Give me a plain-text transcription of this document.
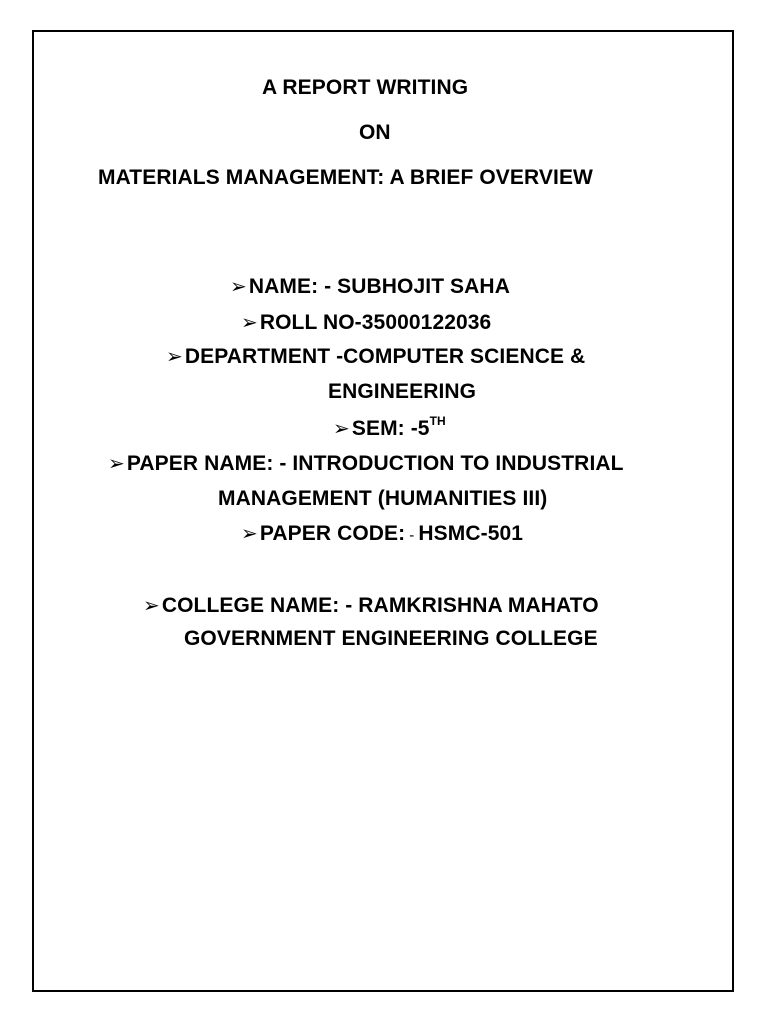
A REPORT WRITING
ON
MATERIALS MANAGEMENT: A BRIEF OVERVIEW
➢NAME: - SUBHOJIT SAHA
➢ROLL NO-35000122036
➢DEPARTMENT -COMPUTER SCIENCE &
ENGINEERING
➢SEM: -5TH
➢PAPER NAME: - INTRODUCTION TO INDUSTRIAL
MANAGEMENT (HUMANITIES III)
➢PAPER CODE: - HSMC-501
➢COLLEGE NAME: - RAMKRISHNA MAHATO
GOVERNMENT ENGINEERING COLLEGE
